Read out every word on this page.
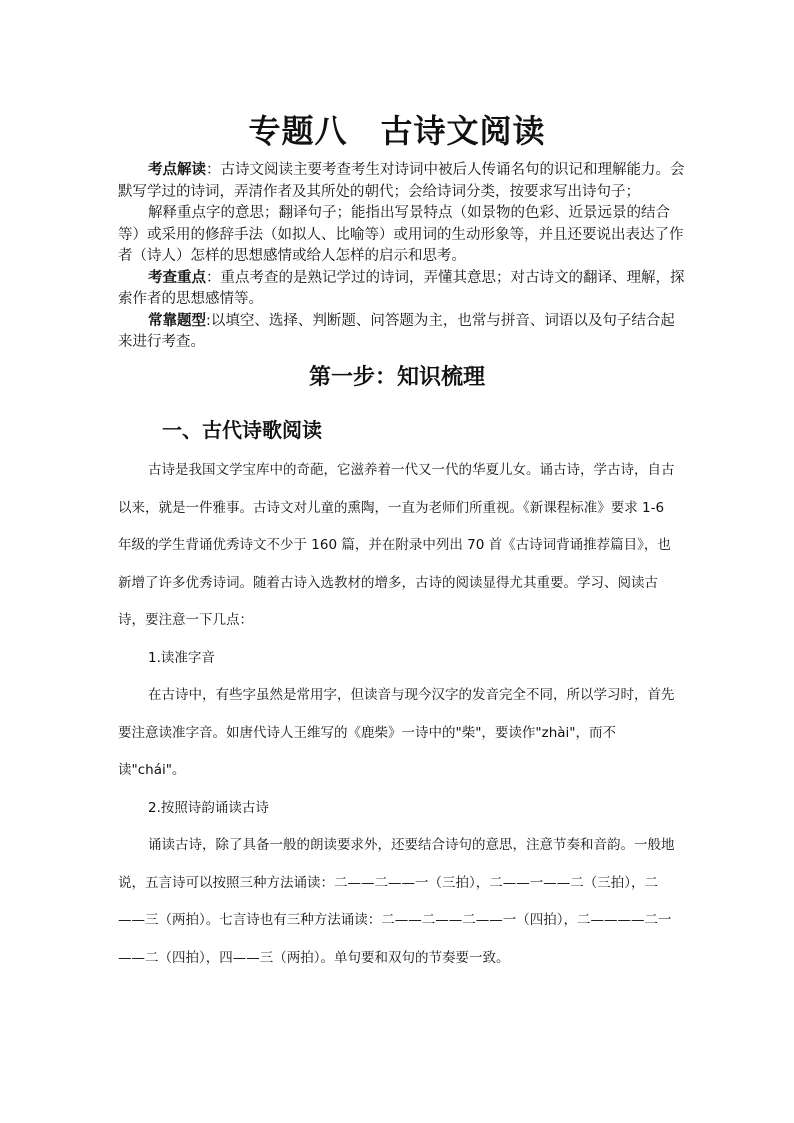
专题八　古诗文阅读

考点解读：古诗文阅读主要考查考生对诗词中被后人传诵名句的识记和理解能力。会默写学过的诗词，弄清作者及其所处的朝代；会给诗词分类，按要求写出诗句子；

解释重点字的意思；翻译句子；能指出写景特点（如景物的色彩、近景远景的结合等）或采用的修辞手法（如拟人、比喻等）或用词的生动形象等，并且还要说出表达了作者（诗人）怎样的思想感情或给人怎样的启示和思考。

考查重点：重点考查的是熟记学过的诗词，弄懂其意思；对古诗文的翻译、理解，探索作者的思想感情等。

常靠题型:以填空、选择、判断题、问答题为主，也常与拼音、词语以及句子结合起来进行考查。

第一步：知识梳理
一、古代诗歌阅读

古诗是我国文学宝库中的奇葩，它滋养着一代又一代的华夏儿女。诵古诗，学古诗，自古以来，就是一件雅事。古诗文对儿童的熏陶，一直为老师们所重视。《新课程标准》要求 1-6 年级的学生背诵优秀诗文不少于 160 篇，并在附录中列出 70 首《古诗词背诵推荐篇目》，也新增了许多优秀诗词。随着古诗入选教材的增多，古诗的阅读显得尤其重要。学习、阅读古诗，要注意一下几点：

1.读准字音

在古诗中，有些字虽然是常用字，但读音与现今汉字的发音完全不同，所以学习时，首先要注意读准字音。如唐代诗人王维写的《鹿柴》一诗中的"柴"，要读作"zhài"，而不读"chái"。

2.按照诗韵诵读古诗

诵读古诗，除了具备一般的朗读要求外，还要结合诗句的意思，注意节奏和音韵。一般地说，五言诗可以按照三种方法诵读：二——二——一（三拍），二——一——二（三拍），二——三（两拍）。七言诗也有三种方法诵读：二——二——二——一（四拍），二————二一——二（四拍），四——三（两拍）。单句要和双句的节奏要一致。
